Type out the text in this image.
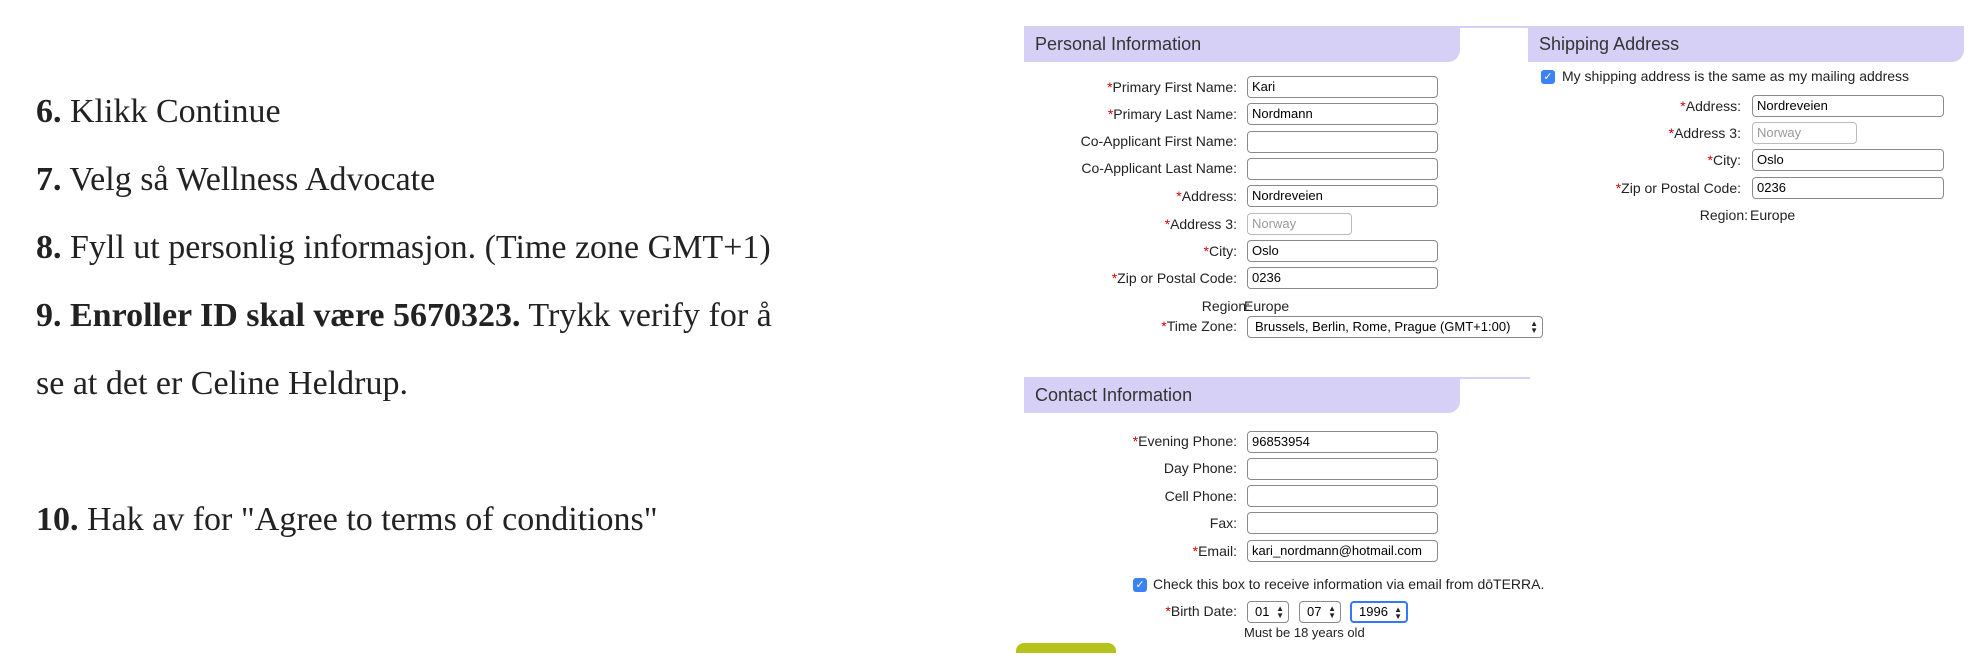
6. Klikk Continue
7. Velg så Wellness Advocate
8. Fyll ut personlig informasjon. (Time zone GMT+1)
9. Enroller ID skal være 5670323. Trykk verify for å
se at det er Celine Heldrup.
10. Hak av for "Agree to terms of conditions"
Personal Information
*Primary First Name:	Kari
*Primary Last Name:	Nordmann
Co-Applicant First Name:
Co-Applicant Last Name:
*Address:	Nordreveien
*Address 3:	Norway
*City:	Oslo
*Zip or Postal Code:	0236
Region:
Europe
*Time Zone:	Brussels, Berlin, Rome, Prague (GMT+1:00) ▲
▼
Shipping Address
✓ My shipping address is the same as my mailing address
*Address:	Nordreveien
*Address 3:	Norway
*City:	Oslo
*Zip or Postal Code:	0236
Region: Europe
Contact Information
*Evening Phone:	96853954
Day Phone:
Cell Phone:
Fax:
*Email:	kari_nordmann@hotmail.com
✓ Check this box to receive information via email from dōTERRA.
*Birth Date:	01 ▲
▼	07 ▲
▼	1996 ▲
▼
Must be 18 years old
